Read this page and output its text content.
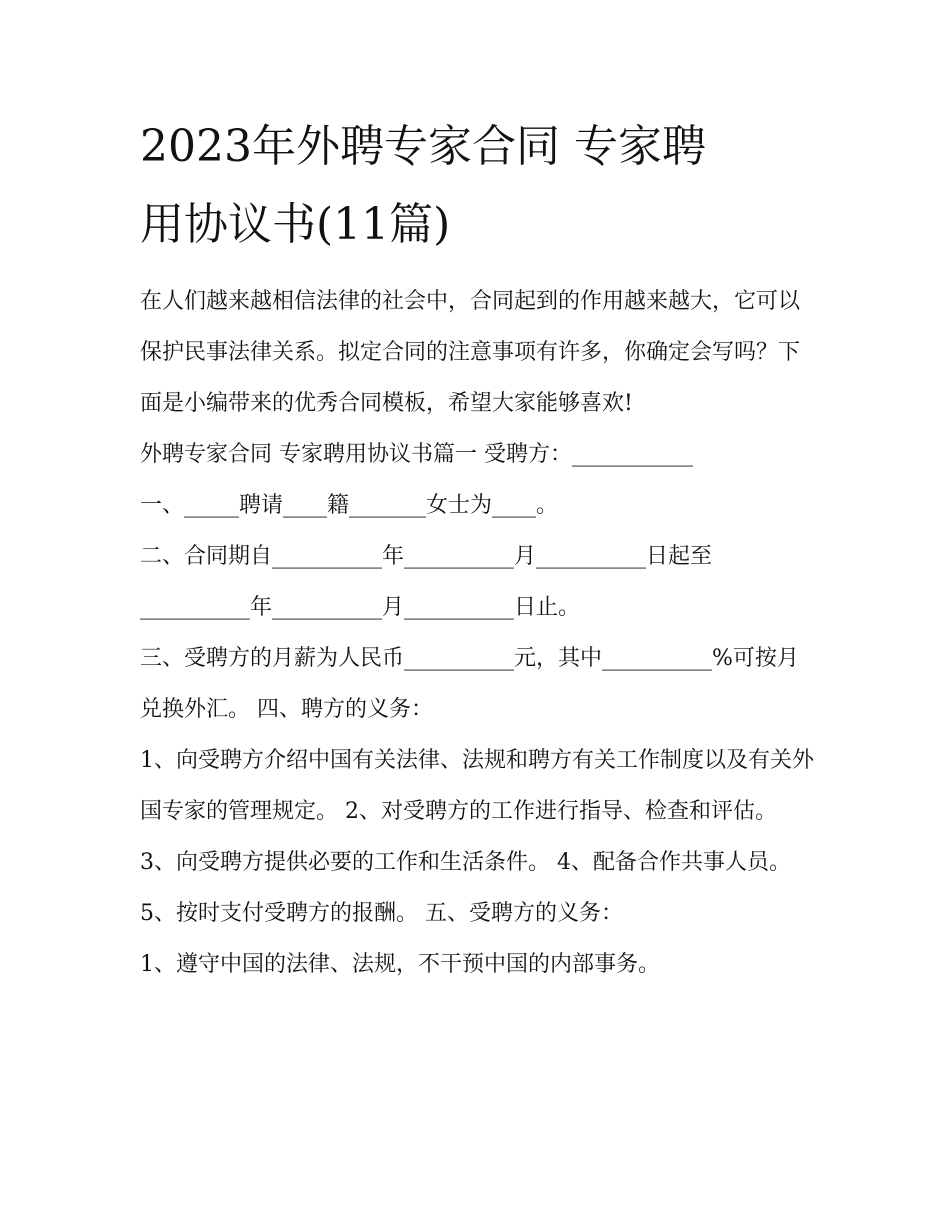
2023年外聘专家合同 专家聘
用协议书(11篇)

在人们越来越相信法律的社会中，合同起到的作用越来越大，它可以保护民事法律关系。拟定合同的注意事项有许多，你确定会写吗？下面是小编带来的优秀合同模板，希望大家能够喜欢!

外聘专家合同 专家聘用协议书篇一 受聘方：___________

一、_____聘请____籍_______女士为____。

二、合同期自__________年__________月__________日起至__________年__________月__________日止。

三、受聘方的月薪为人民币__________元，其中__________%可按月兑换外汇。 四、聘方的义务：

1、向受聘方介绍中国有关法律、法规和聘方有关工作制度以及有关外国专家的管理规定。 2、对受聘方的工作进行指导、检查和评估。

3、向受聘方提供必要的工作和生活条件。 4、配备合作共事人员。 5、按时支付受聘方的报酬。 五、受聘方的义务：

1、遵守中国的法律、法规，不干预中国的内部事务。
